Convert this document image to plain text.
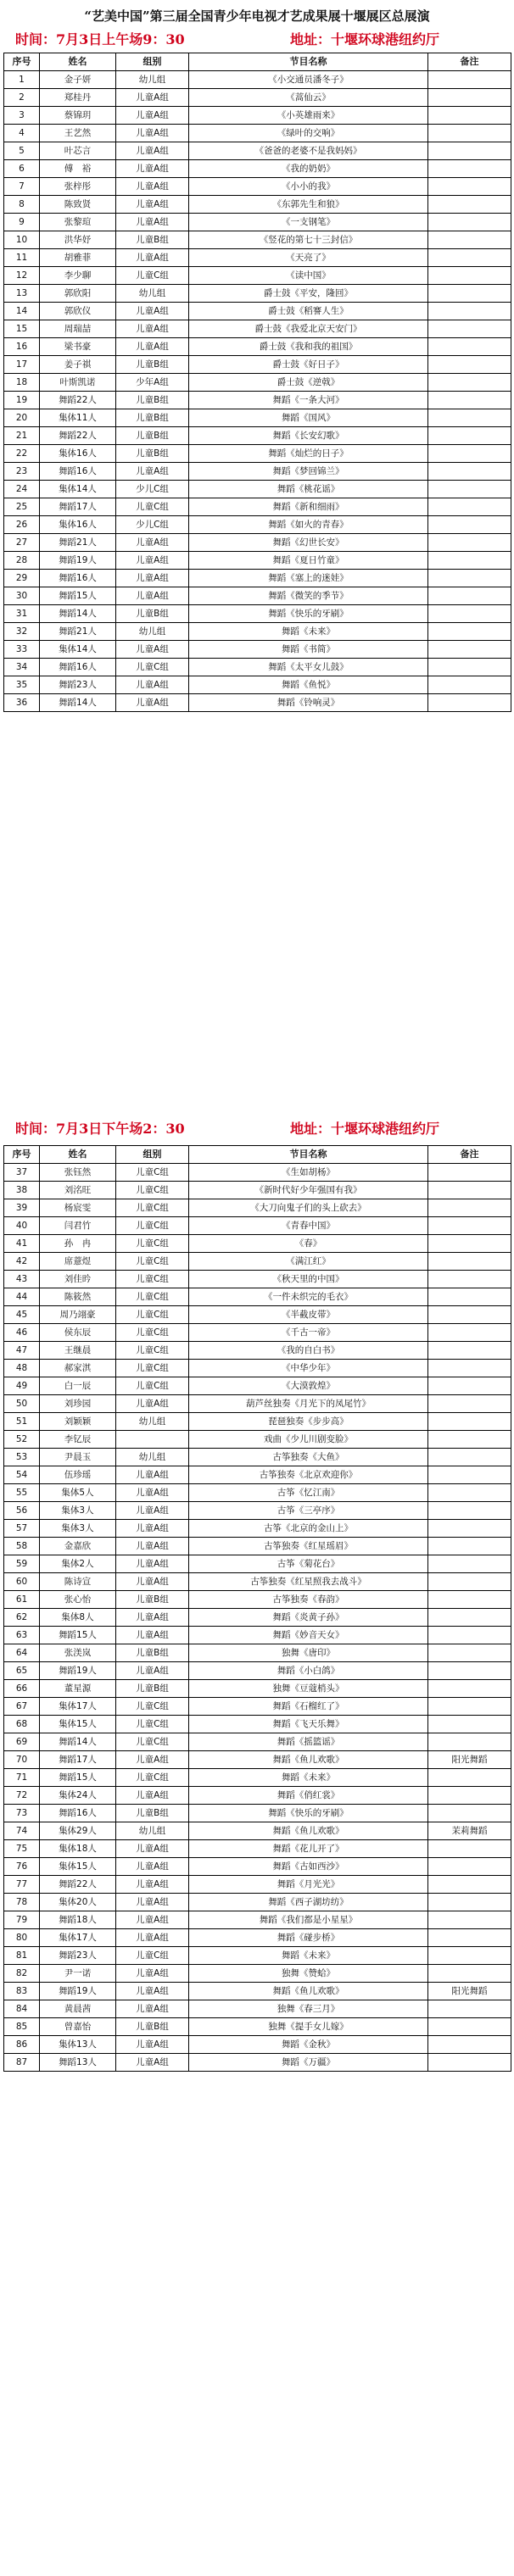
“艺美中国”第三届全国青少年电视才艺成果展十堰展区总展演
时间：7月3日上午场9：30	地址：十堰环球港纽约厅
序号	姓名	组别	节目名称	备注
1	金子妍	幼儿组	《小交通员潘冬子》	
2	郑桂丹	儿童A组	《蒿仙云》	
3	蔡锦玥	儿童A组	《小英雄雨来》	
4	王艺然	儿童A组	《绿叶的交响》	
5	叶芯言	儿童A组	《爸爸的老婆不是我妈妈》	
6	傅　裕	儿童A组	《我的奶奶》	
7	张梓彤	儿童A组	《小小的我》	
8	陈致贤	儿童A组	《东郭先生和狼》	
9	张黎瑄	儿童A组	《一支钢笔》	
10	洪华妤	儿童B组	《竖花的第七十三封信》	
11	胡雅菲	儿童A组	《天亮了》	
12	李少聊	儿童C组	《读中国》	
13	郭欣阳	幼儿组	爵士鼓《平安，隆回》	
14	郭欣仪	儿童A组	爵士鼓《稻謇人生》	
15	周瑞喆	儿童A组	爵士鼓《我爱北京天安门》	
16	梁书豪	儿童A组	爵士鼓《我和我的祖国》	
17	姜子祺	儿童B组	爵士鼓《好日子》	
18	叶斯凯诺	少年A组	爵士鼓《逆戟》	
19	舞蹈22人	儿童B组	舞蹈《一条大河》	
20	集体11人	儿童B组	舞蹈《国风》	
21	舞蹈22人	儿童B组	舞蹈《长安幻歌》	
22	集体16人	儿童B组	舞蹈《灿烂的日子》	
23	舞蹈16人	儿童A组	舞蹈《梦回锦兰》	
24	集体14人	少儿C组	舞蹈《桃花谣》	
25	舞蹈17人	儿童C组	舞蹈《新和细雨》	
26	集体16人	少儿C组	舞蹈《如火的青春》	
27	舞蹈21人	儿童A组	舞蹈《幻世长安》	
28	舞蹈19人	儿童A组	舞蹈《夏日竹童》	
29	舞蹈16人	儿童A组	舞蹈《塞上的迷娃》	
30	舞蹈15人	儿童A组	舞蹈《微笑的季节》	
31	舞蹈14人	儿童B组	舞蹈《快乐的牙刷》	
32	舞蹈21人	幼儿组	舞蹈《未来》	
33	集体14人	儿童A组	舞蹈《书简》	
34	舞蹈16人	儿童C组	舞蹈《太平女儿鼓》	
35	舞蹈23人	儿童A组	舞蹈《鱼悦》	
36	舞蹈14人	儿童A组	舞蹈《铃响灵》	
时间：7月3日下午场2：30	地址：十堰环球港纽约厅
序号	姓名	组别	节目名称	备注
37	张钰然	儿童C组	《生如胡杨》	
38	刘洺旺	儿童C组	《新时代好少年强国有我》	
39	杨宸雯	儿童C组	《大刀向鬼子们的头上砍去》	
40	闫君竹	儿童C组	《青春中国》	
41	孙　冉	儿童C组	《春》	
42	席薏煜	儿童C组	《满江红》	
43	刘佳昑	儿童C组	《秋天里的中国》	
44	陈筱然	儿童C组	《一件未织完的毛衣》	
45	周乃翊豪	儿童C组	《半截皮带》	
46	侯东辰	儿童C组	《千古一帝》	
47	王继晨	儿童C组	《我的自白书》	
48	郝家淇	儿童C组	《中华少年》	
49	白一辰	儿童C组	《大漠敦煌》	
50	刘珍园	儿童A组	葫芦丝独奏《月光下的凤尾竹》	
51	刘颖颖	幼儿组	琵琶独奏《步步高》	
52	李钇辰		戏曲《少儿川剧变脸》	
53	尹晨玉	幼儿组	古筝独奏《大鱼》	
54	伍珍瑶	儿童A组	古筝独奏《北京欢迎你》	
55	集体5人	儿童A组	古筝《忆江南》	
56	集体3人	儿童A组	古筝《三亭序》	
57	集体3人	儿童A组	古筝《北京的金山上》	
58	金嘉欣	儿童A组	古筝独奏《红星瑶眉》	
59	集体2人	儿童A组	古筝《菊花台》	
60	陈诗宣	儿童A组	古筝独奏《红星照我去战斗》	
61	张心怡	儿童B组	古筝独奏《春韵》	
62	集体8人	儿童A组	舞蹈《炎黄子孙》	
63	舞蹈15人	儿童A组	舞蹈《妙音天女》	
64	张渼岚	儿童B组	独舞《唐印》	
65	舞蹈19人	儿童A组	舞蹈《小白鸽》	
66	董星源	儿童B组	独舞《豆蔻梢头》	
67	集体17人	儿童C组	舞蹈《石榴红了》	
68	集体15人	儿童C组	舞蹈《飞天乐舞》	
69	舞蹈14人	儿童C组	舞蹈《摇篮谣》	
70	舞蹈17人	儿童A组	舞蹈《鱼儿欢歌》	阳光舞蹈
71	舞蹈15人	儿童C组	舞蹈《未来》	
72	集体24人	儿童A组	舞蹈《俏红裳》	
73	舞蹈16人	儿童B组	舞蹈《快乐的牙刷》	
74	集体29人	幼儿组	舞蹈《鱼儿欢歌》	茉莉舞蹈
75	集体18人	儿童A组	舞蹈《花儿开了》	
76	集体15人	儿童A组	舞蹈《古如西沙》	
77	舞蹈22人	儿童A组	舞蹈《月光光》	
78	集体20人	儿童A组	舞蹈《西子湖坊纺》	
79	舞蹈18人	儿童A组	舞蹈《我们都是小星星》	
80	集体17人	儿童A组	舞蹈《碰步桥》	
81	舞蹈23人	儿童C组	舞蹈《未来》	
82	尹一诺	儿童A组	独舞《赞蛤》	
83	舞蹈19人	儿童A组	舞蹈《鱼儿欢歌》	阳光舞蹈
84	黄晨茜	儿童A组	独舞《春三月》	
85	曾嘉怡	儿童B组	独舞《提手女儿嫁》	
86	集体13人	儿童A组	舞蹈《金秋》	
87	舞蹈13人	儿童A组	舞蹈《万疆》	
